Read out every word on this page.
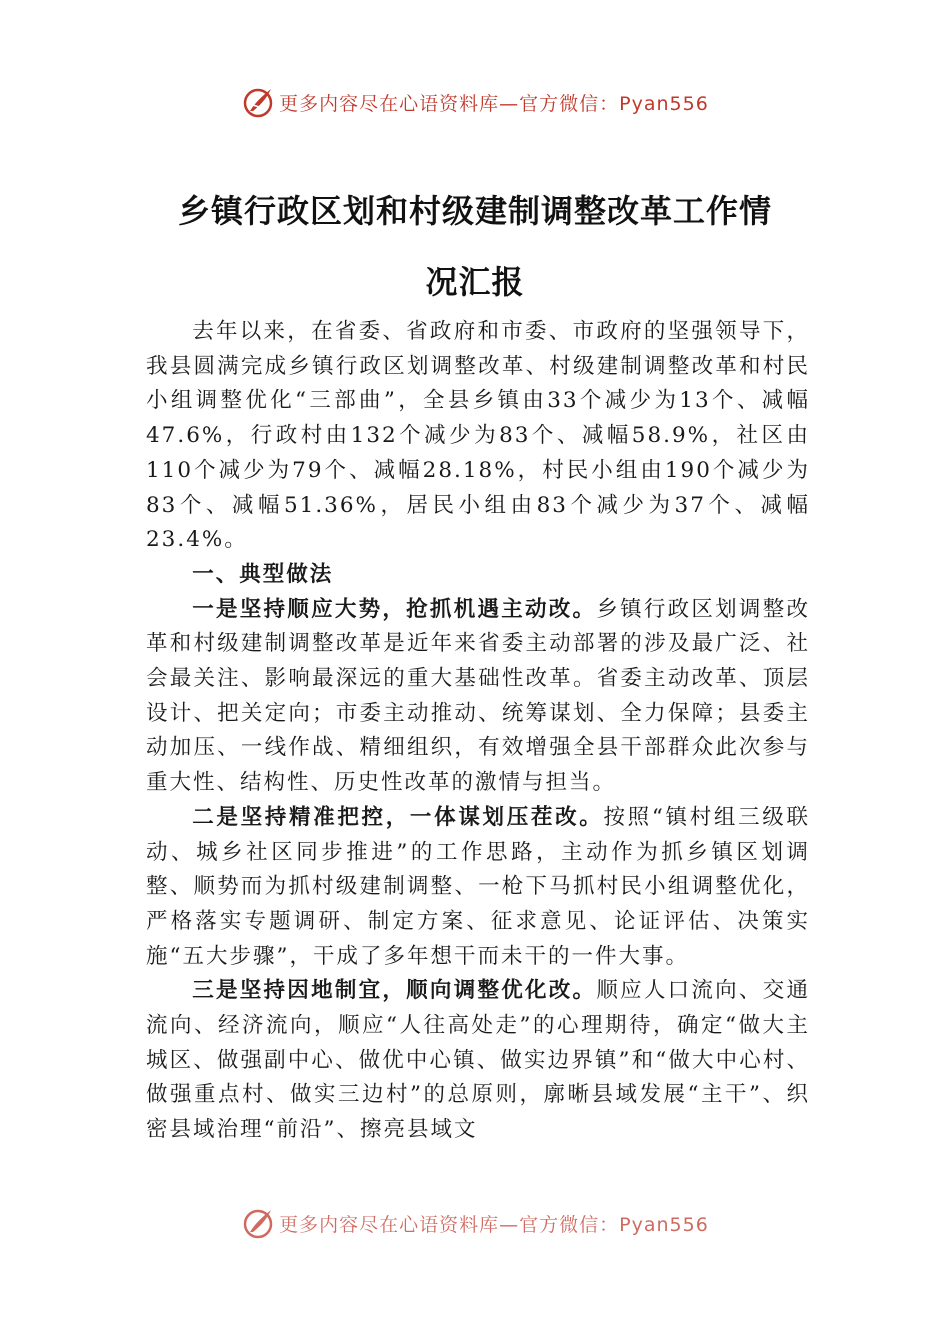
更多内容尽在心语资料库—官方微信：Pyan556
乡镇行政区划和村级建制调整改革工作情
况汇报

去年以来，在省委、省政府和市委、市政府的坚强领导下，我县圆满完成乡镇行政区划调整改革、村级建制调整改革和村民小组调整优化“三部曲”，全县乡镇由33个减少为13个、减幅47.6%，行政村由132个减少为83个、减幅58.9%，社区由110个减少为79个、减幅28.18%，村民小组由190个减少为83个、减幅51.36%，居民小组由83个减少为37个、减幅23.4%。

一、典型做法

一是坚持顺应大势，抢抓机遇主动改。乡镇行政区划调整改革和村级建制调整改革是近年来省委主动部署的涉及最广泛、社会最关注、影响最深远的重大基础性改革。省委主动改革、顶层设计、把关定向；市委主动推动、统筹谋划、全力保障；县委主动加压、一线作战、精细组织，有效增强全县干部群众此次参与重大性、结构性、历史性改革的激情与担当。

二是坚持精准把控，一体谋划压茬改。按照“镇村组三级联动、城乡社区同步推进”的工作思路，主动作为抓乡镇区划调整、顺势而为抓村级建制调整、一枪下马抓村民小组调整优化，严格落实专题调研、制定方案、征求意见、论证评估、决策实施“五大步骤”，干成了多年想干而未干的一件大事。

三是坚持因地制宜，顺向调整优化改。顺应人口流向、交通流向、经济流向，顺应“人往高处走”的心理期待，确定“做大主城区、做强副中心、做优中心镇、做实边界镇”和“做大中心村、做强重点村、做实三边村”的总原则，廓晰县域发展“主干”、织密县域治理“前沿”、擦亮县域文

更多内容尽在心语资料库—官方微信：Pyan556
